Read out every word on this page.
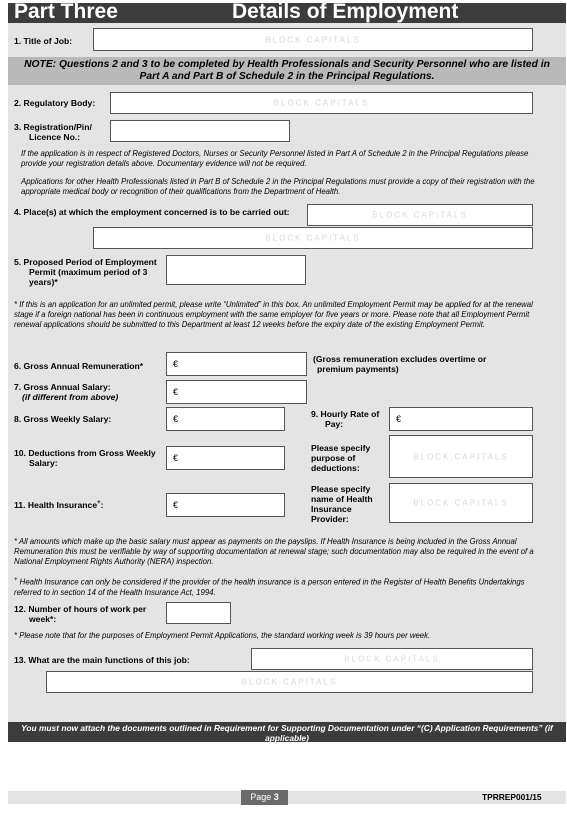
Part Three	Details of Employment
1. Title of Job:	BLOCK CAPITALS
NOTE: Questions 2 and 3 to be completed by Health Professionals and Security Personnel who are listed in Part A and Part B of Schedule 2 in the Principal Regulations.
2. Regulatory Body:	BLOCK CAPITALS
3. Registration/Pin/
Licence No.:
If the application is in respect of Registered Doctors, Nurses or Security Personnel listed in Part A of Schedule 2 in the Principal Regulations please provide your registration details above. Documentary evidence will not be required.
Applications for other Health Professionals listed in Part B of Schedule 2 in the Principal Regulations must provide a copy of their registration with the appropriate medical body or recognition of their qualifications from the Department of Health.
4. Place(s) at which the employment concerned is to be carried out:	BLOCK CAPITALS
BLOCK CAPITALS
5. Proposed Period of Employment
Permit (maximum period of 3
years)*
* If this is an application for an unlimited permit, please write “Unlimited” in this box. An unlimited Employment Permit may be applied for at the renewal stage if a foreign national has been in continuous employment with the same employer for five years or more. Please note that all Employment Permit renewal applications should be submitted to this Department at least 12 weeks before the expiry date of the existing Employment Permit.
6. Gross Annual Remuneration*	€	(Gross remuneration excludes overtime or
premium payments)
7. Gross Annual Salary:
(if different from above)	€
8. Gross Weekly Salary:	€	9. Hourly Rate of
Pay:	€
10. Deductions from Gross Weekly
Salary:	€
Please specify
purpose of
deductions:
BLOCK CAPITALS
11. Health Insurance+:	€
Please specify
name of Health
Insurance
Provider:
BLOCK CAPITALS
* All amounts which make up the basic salary must appear as payments on the payslips. If Health Insurance is being included in the Gross Annual Remuneration this must be verifiable by way of supporting documentation at renewal stage; such documentation may also be required in the event of a National Employment Rights Authority (NERA) inspection.
+ Health Insurance can only be considered if the provider of the health insurance is a person entered in the Register of Health Benefits Undertakings referred to in section 14 of the Health Insurance Act, 1994.
12. Number of hours of work per
week*:
* Please note that for the purposes of Employment Permit Applications, the standard working week is 39 hours per week.
13. What are the main functions of this job:	BLOCK CAPITALS
BLOCK CAPITALS
You must now attach the documents outlined in Requirement for Supporting Documentation under “(C) Application Requirements” (if applicable)
Page 3	TPRREP001/15
